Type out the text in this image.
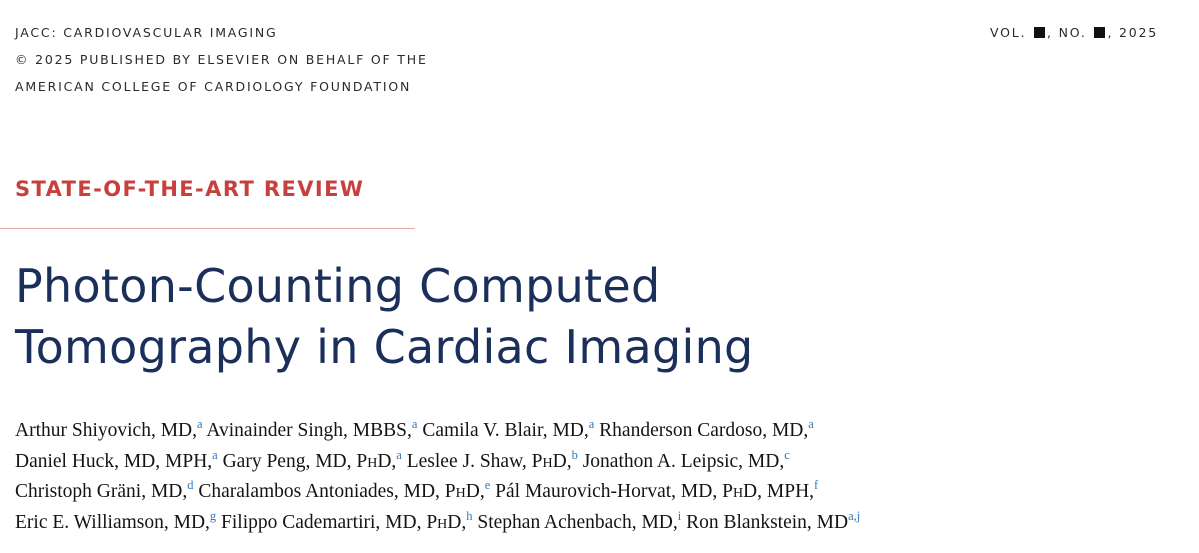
JACC: CARDIOVASCULAR IMAGING
© 2025 PUBLISHED BY ELSEVIER ON BEHALF OF THE
AMERICAN COLLEGE OF CARDIOLOGY FOUNDATION
VOL. , NO. , 2025
STATE-OF-THE-ART REVIEW
Photon-Counting Computed
Tomography in Cardiac Imaging
Arthur Shiyovich, MD,$^a$ Avinainder Singh, MBBS,$^a$ Camila V. Blair, MD,$^a$ Rhanderson Cardoso, MD,$^a$
Daniel Huck, MD, MPH,$^a$ Gary Peng, MD, PhD,$^a$ Leslee J. Shaw, PhD,$^b$ Jonathon A. Leipsic, MD,$^c$
Christoph Gräni, MD,$^d$ Charalambos Antoniades, MD, PhD,$^e$ Pál Maurovich-Horvat, MD, PhD, MPH,$^f$
Eric E. Williamson, MD,$^g$ Filippo Cademartiri, MD, PhD,$^h$ Stephan Achenbach, MD,$^i$ Ron Blankstein, MD$^{a,j}$
